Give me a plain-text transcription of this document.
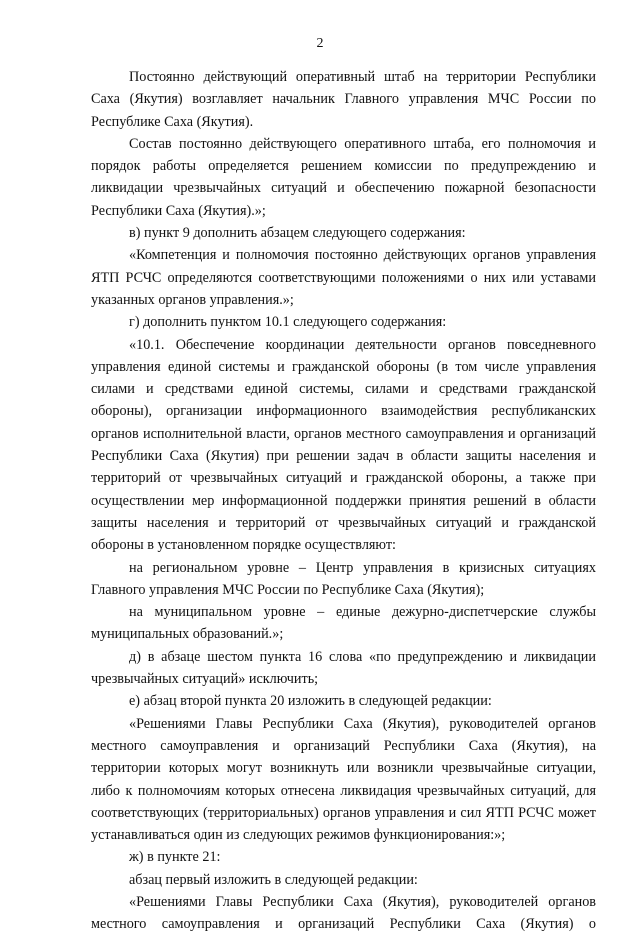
2

Постоянно действующий оперативный штаб на территории Республики Саха (Якутия) возглавляет начальник Главного управления МЧС России по Республике Саха (Якутия).

Состав постоянно действующего оперативного штаба, его полномочия и порядок работы определяется решением комиссии по предупреждению и ликвидации чрезвычайных ситуаций и обеспечению пожарной безопасности Республики Саха (Якутия).»;

в) пункт 9 дополнить абзацем следующего содержания:

«Компетенция и полномочия постоянно действующих органов управления ЯТП РСЧС определяются соответствующими положениями о них или уставами указанных органов управления.»;

г) дополнить пунктом 10.1 следующего содержания:

«10.1. Обеспечение координации деятельности органов повседневного управления единой системы и гражданской обороны (в том числе управления силами и средствами единой системы, силами и средствами гражданской обороны), организации информационного взаимодействия республиканских органов исполнительной власти, органов местного самоуправления и организаций Республики Саха (Якутия) при решении задач в области защиты населения и территорий от чрезвычайных ситуаций и гражданской обороны, а также при осуществлении мер информационной поддержки принятия решений в области защиты населения и территорий от чрезвычайных ситуаций и гражданской обороны в установленном порядке осуществляют:

на региональном уровне – Центр управления в кризисных ситуациях Главного управления МЧС России по Республике Саха (Якутия);

на муниципальном уровне – единые дежурно-диспетчерские службы муниципальных образований.»;

д) в абзаце шестом пункта 16 слова «по предупреждению и ликвидации чрезвычайных ситуаций» исключить;

е) абзац второй пункта 20 изложить в следующей редакции:

«Решениями Главы Республики Саха (Якутия), руководителей органов местного самоуправления и организаций Республики Саха (Якутия), на территории которых могут возникнуть или возникли чрезвычайные ситуации, либо к полномочиям которых отнесена ликвидация чрезвычайных ситуаций, для соответствующих (территориальных) органов управления и сил ЯТП РСЧС может устанавливаться один из следующих режимов функционирования:»;

ж) в пункте 21:

абзац первый изложить в следующей редакции:

«Решениями Главы Республики Саха (Якутия), руководителей органов местного самоуправления и организаций Республики Саха (Якутия) о
